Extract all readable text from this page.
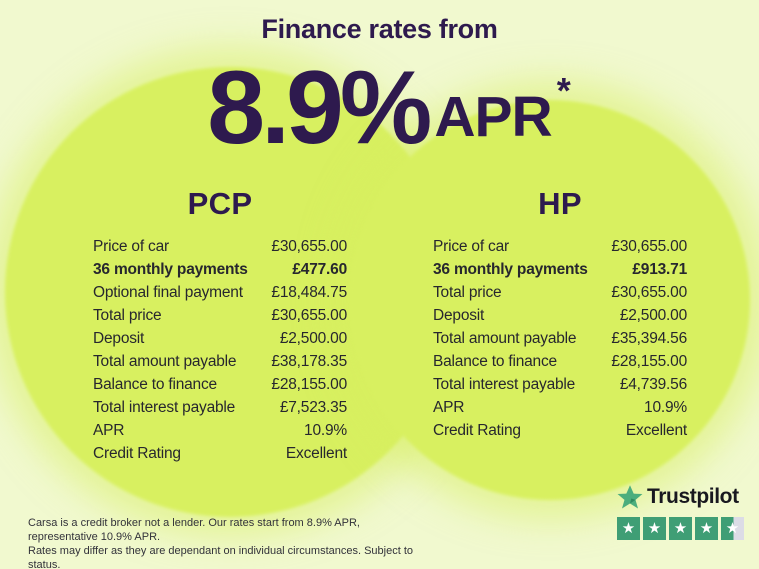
Finance rates from
8.9% APR *
PCP
Price of car	£30,655.00
36 monthly payments	£477.60
Optional final payment £18,484.75
Total price	£30,655.00
Deposit	£2,500.00
Total amount payable £38,178.35
Balance to finance	£28,155.00
Total interest payable	£7,523.35
APR	10.9%
Credit Rating	Excellent
HP
Price of car	£30,655.00
36 monthly payments	£913.71
Total price	£30,655.00
Deposit	£2,500.00
Total amount payable £35,394.56
Balance to finance	£28,155.00
Total interest payable	£4,739.56
APR	10.9%
Credit Rating	Excellent

Carsa is a credit broker not a lender. Our rates start from 8.9% APR, representative 10.9% APR.
Rates may differ as they are dependant on individual circumstances. Subject to status.

Trustpilot
★ ★ ★ ★ ★
